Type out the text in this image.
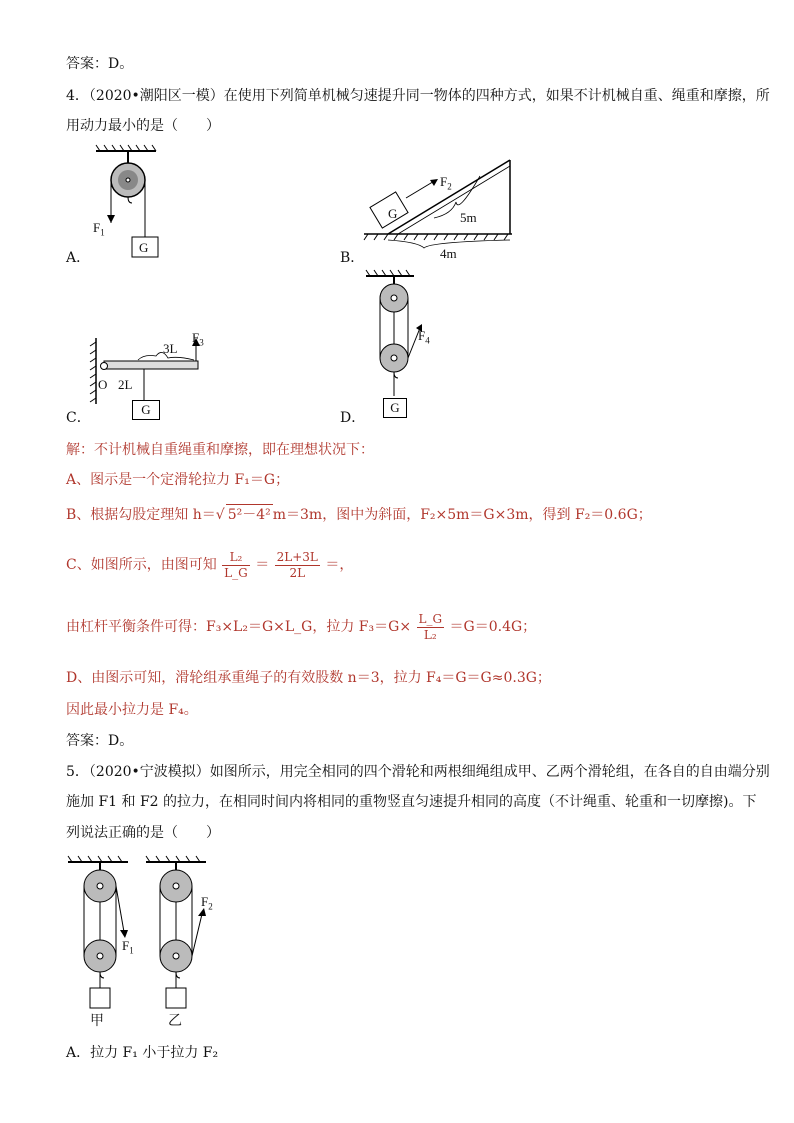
答案：D。
4．（2020•潮阳区一模）在使用下列简单机械匀速提升同一物体的四种方式，如果不计机械自重、绳重和摩擦，所
用动力最小的是（　　）
$F_1$
G
A．
$F_2$
G	5m
4m
B．
$F_3$
3L
O 2L
G
C．
$F_4$
G
D．
解：不计机械自重绳重和摩擦，即在理想状况下：
A、图示是一个定滑轮拉力 F₁＝G；
B、根据勾股定理知 h＝√ 5²－4² m＝3m，图中为斜面，F₂×5m＝G×3m，得到 F₂＝0.6G；
C、如图所示，由图可知 $\frac{\text{L₂}}{L\_G} = \frac{2L+3L}{2L}$ ＝，
由杠杆平衡条件可得：F₃×L₂＝G×L_G，拉力 $F_3=G\times \frac{L\_G}{\text{L₂}} =G=0.4G$；
D、由图示可知，滑轮组承重绳子的有效股数 n＝3，拉力 F₄＝G＝G≈0.3G；
因此最小拉力是 F₄。
答案：D。
5．（2020•宁波模拟）如图所示，用完全相同的四个滑轮和两根细绳组成甲、乙两个滑轮组，在各自的自由端分别
施加 F1 和 F2 的拉力，在相同时间内将相同的重物竖直匀速提升相同的高度（不计绳重、轮重和一切摩擦)。下
列说法正确的是（　　）
$F_1$
$F_2$
甲	乙
A．拉力 F₁ 小于拉力 F₂
